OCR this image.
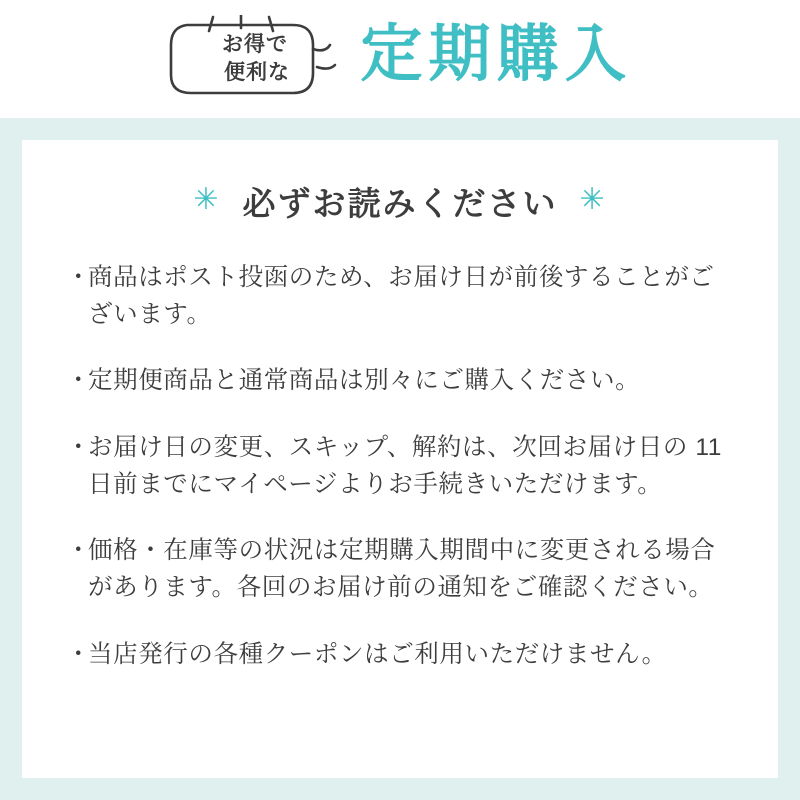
お得で
便利な 定期購入
✳ 必ずお読みください ✳
・
商品はポスト投函のため、お届け日が前後することがございます。
・
定期便商品と通常商品は別々にご購入ください。
・
お届け日の変更、スキップ、解約は、次回お届け日の 11 日前までにマイページよりお手続きいただけます。
・
価格・在庫等の状況は定期購入期間中に変更される場合があります。各回のお届け前の通知をご確認ください。
・
当店発行の各種クーポンはご利用いただけません。
